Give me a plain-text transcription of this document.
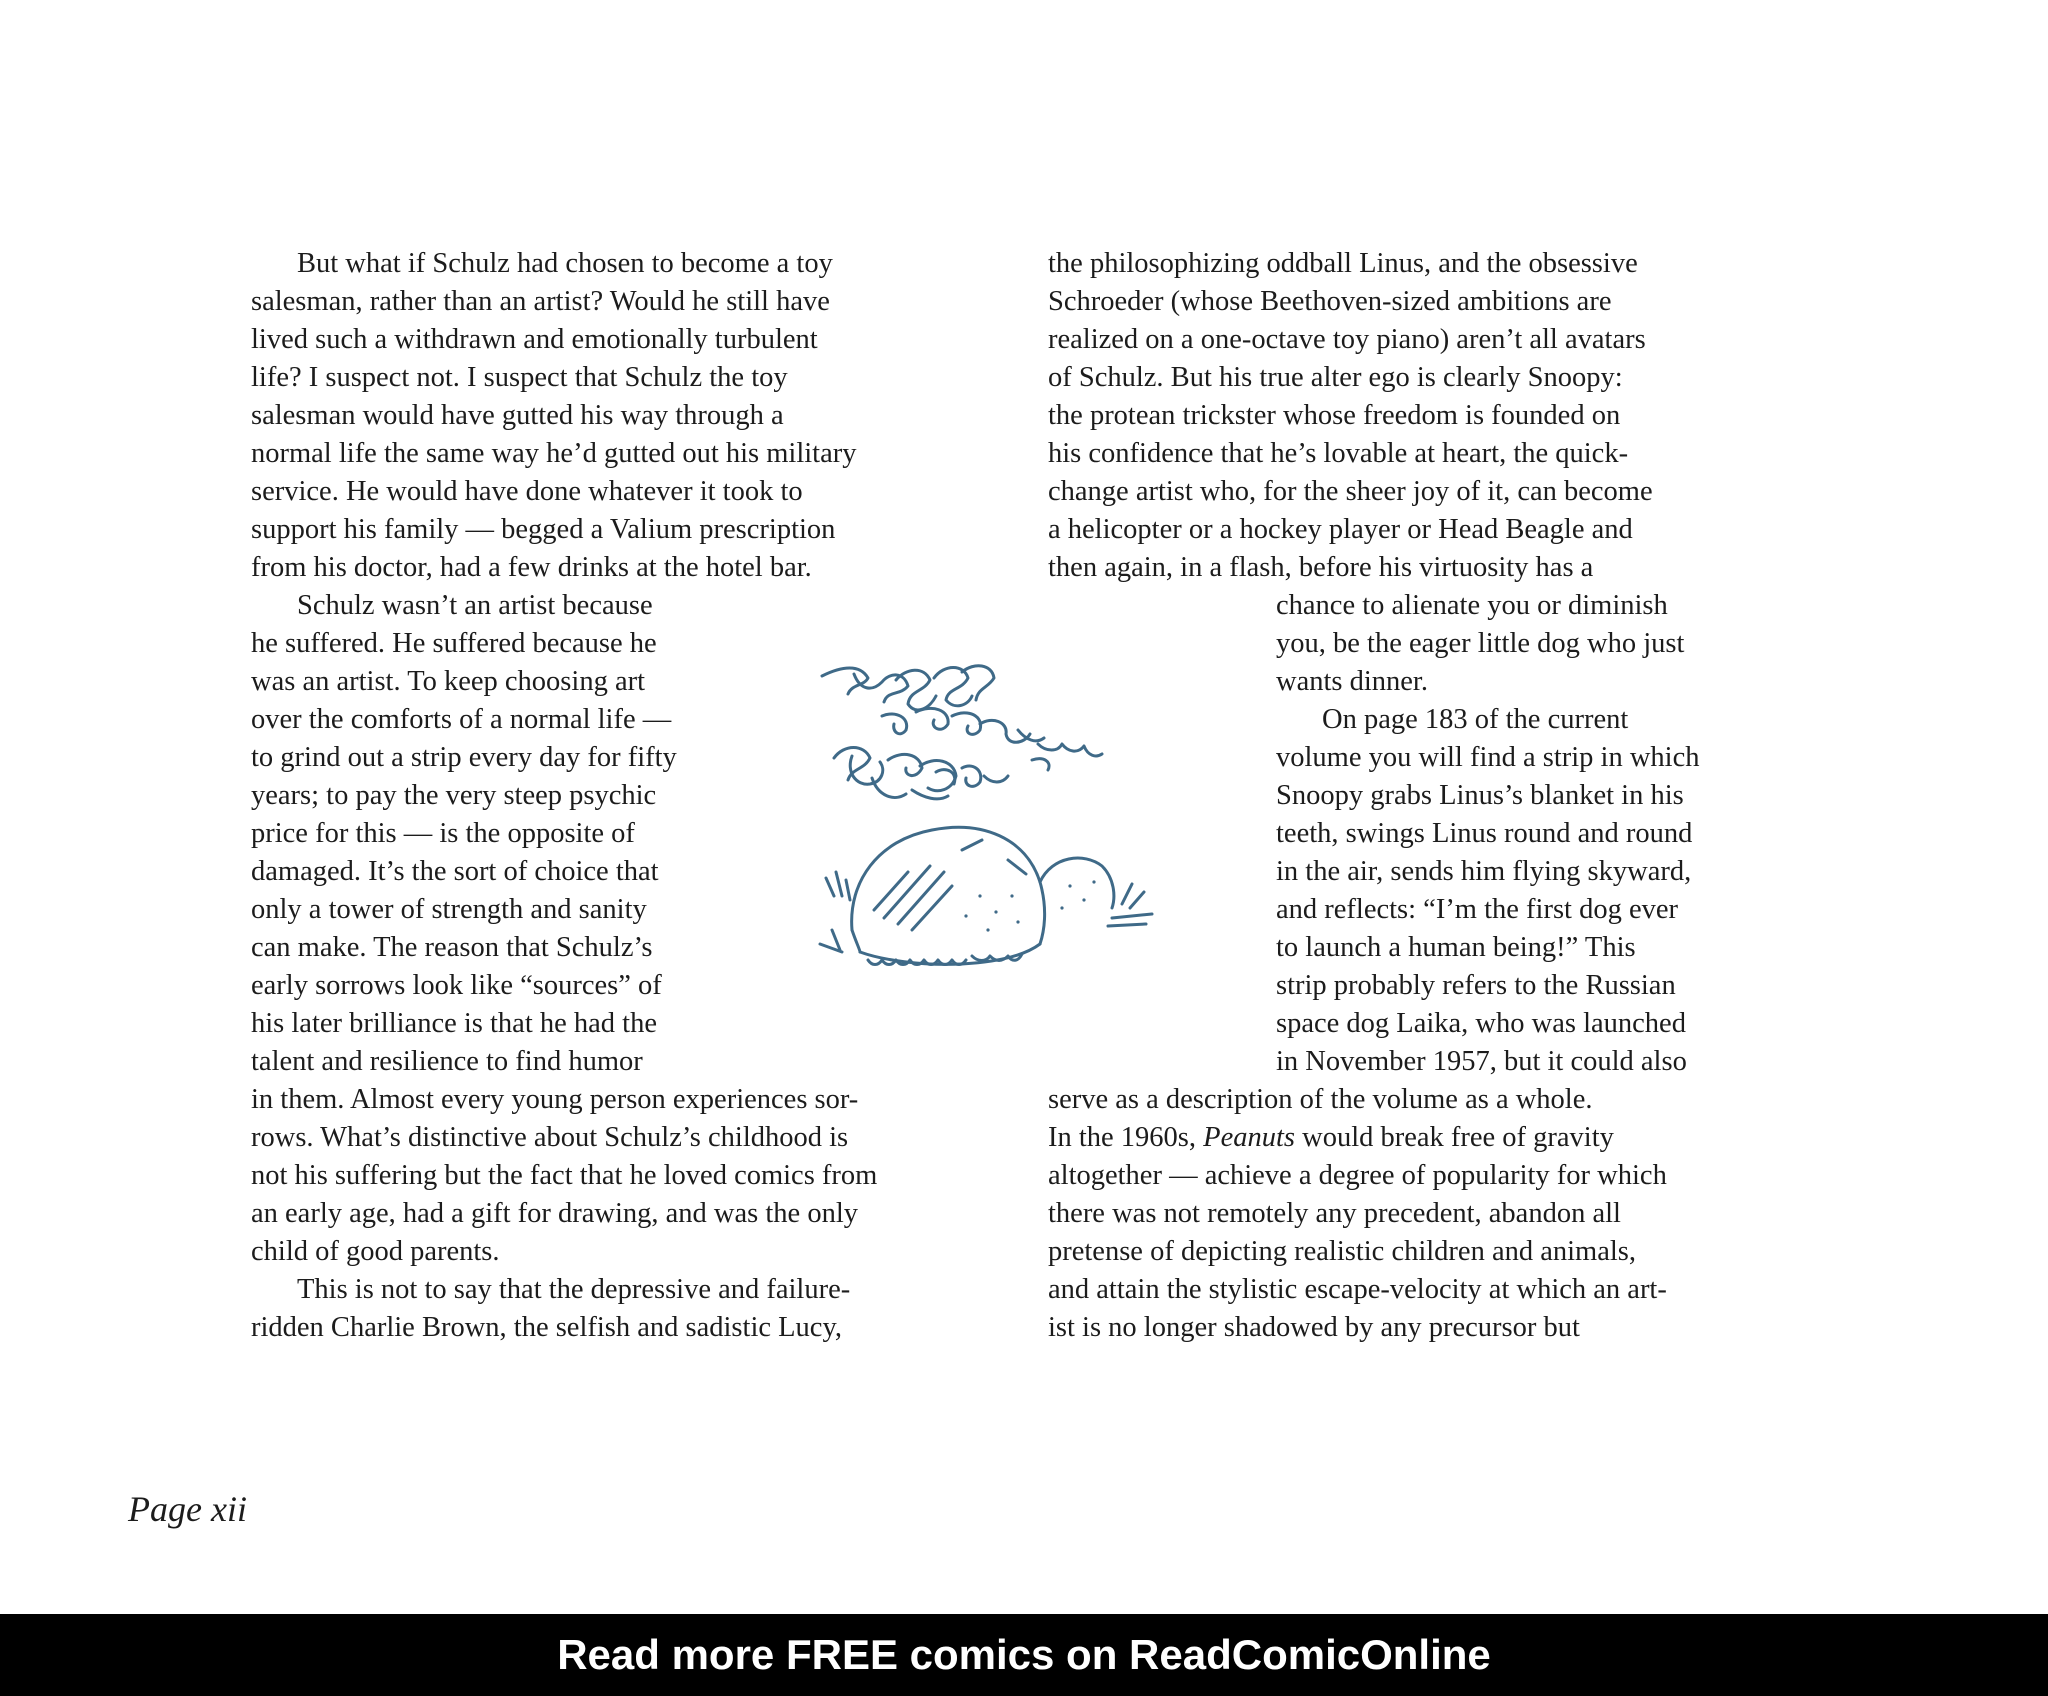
But what if Schulz had chosen to become a toy
salesman, rather than an artist? Would he still have
lived such a withdrawn and emotionally turbulent
life? I suspect not. I suspect that Schulz the toy
salesman would have gutted his way through a
normal life the same way he’d gutted out his military
service. He would have done whatever it took to
support his family — begged a Valium prescription
from his doctor, had a few drinks at the hotel bar.
Schulz wasn’t an artist because
he suffered. He suffered because he
was an artist. To keep choosing art
over the comforts of a normal life —
to grind out a strip every day for fifty
years; to pay the very steep psychic
price for this — is the opposite of
damaged. It’s the sort of choice that
only a tower of strength and sanity
can make. The reason that Schulz’s
early sorrows look like “sources” of
his later brilliance is that he had the
talent and resilience to find humor
in them. Almost every young person experiences sor-
rows. What’s distinctive about Schulz’s childhood is
not his suffering but the fact that he loved comics from
an early age, had a gift for drawing, and was the only
child of good parents.
This is not to say that the depressive and failure-
ridden Charlie Brown, the selfish and sadistic Lucy,
the philosophizing oddball Linus, and the obsessive
Schroeder (whose Beethoven-sized ambitions are
realized on a one-octave toy piano) aren’t all avatars
of Schulz. But his true alter ego is clearly Snoopy:
the protean trickster whose freedom is founded on
his confidence that he’s lovable at heart, the quick-
change artist who, for the sheer joy of it, can become
a helicopter or a hockey player or Head Beagle and
then again, in a flash, before his virtuosity has a
chance to alienate you or diminish
you, be the eager little dog who just
wants dinner.
On page 183 of the current
volume you will find a strip in which
Snoopy grabs Linus’s blanket in his
teeth, swings Linus round and round
in the air, sends him flying skyward,
and reflects: “I’m the first dog ever
to launch a human being!” This
strip probably refers to the Russian
space dog Laika, who was launched
in November 1957, but it could also
serve as a description of the volume as a whole.
In the 1960s, Peanuts would break free of gravity
altogether — achieve a degree of popularity for which
there was not remotely any precedent, abandon all
pretense of depicting realistic children and animals,
and attain the stylistic escape-velocity at which an art-
ist is no longer shadowed by any precursor but
Page xii
Read more FREE comics on ReadComicOnline
